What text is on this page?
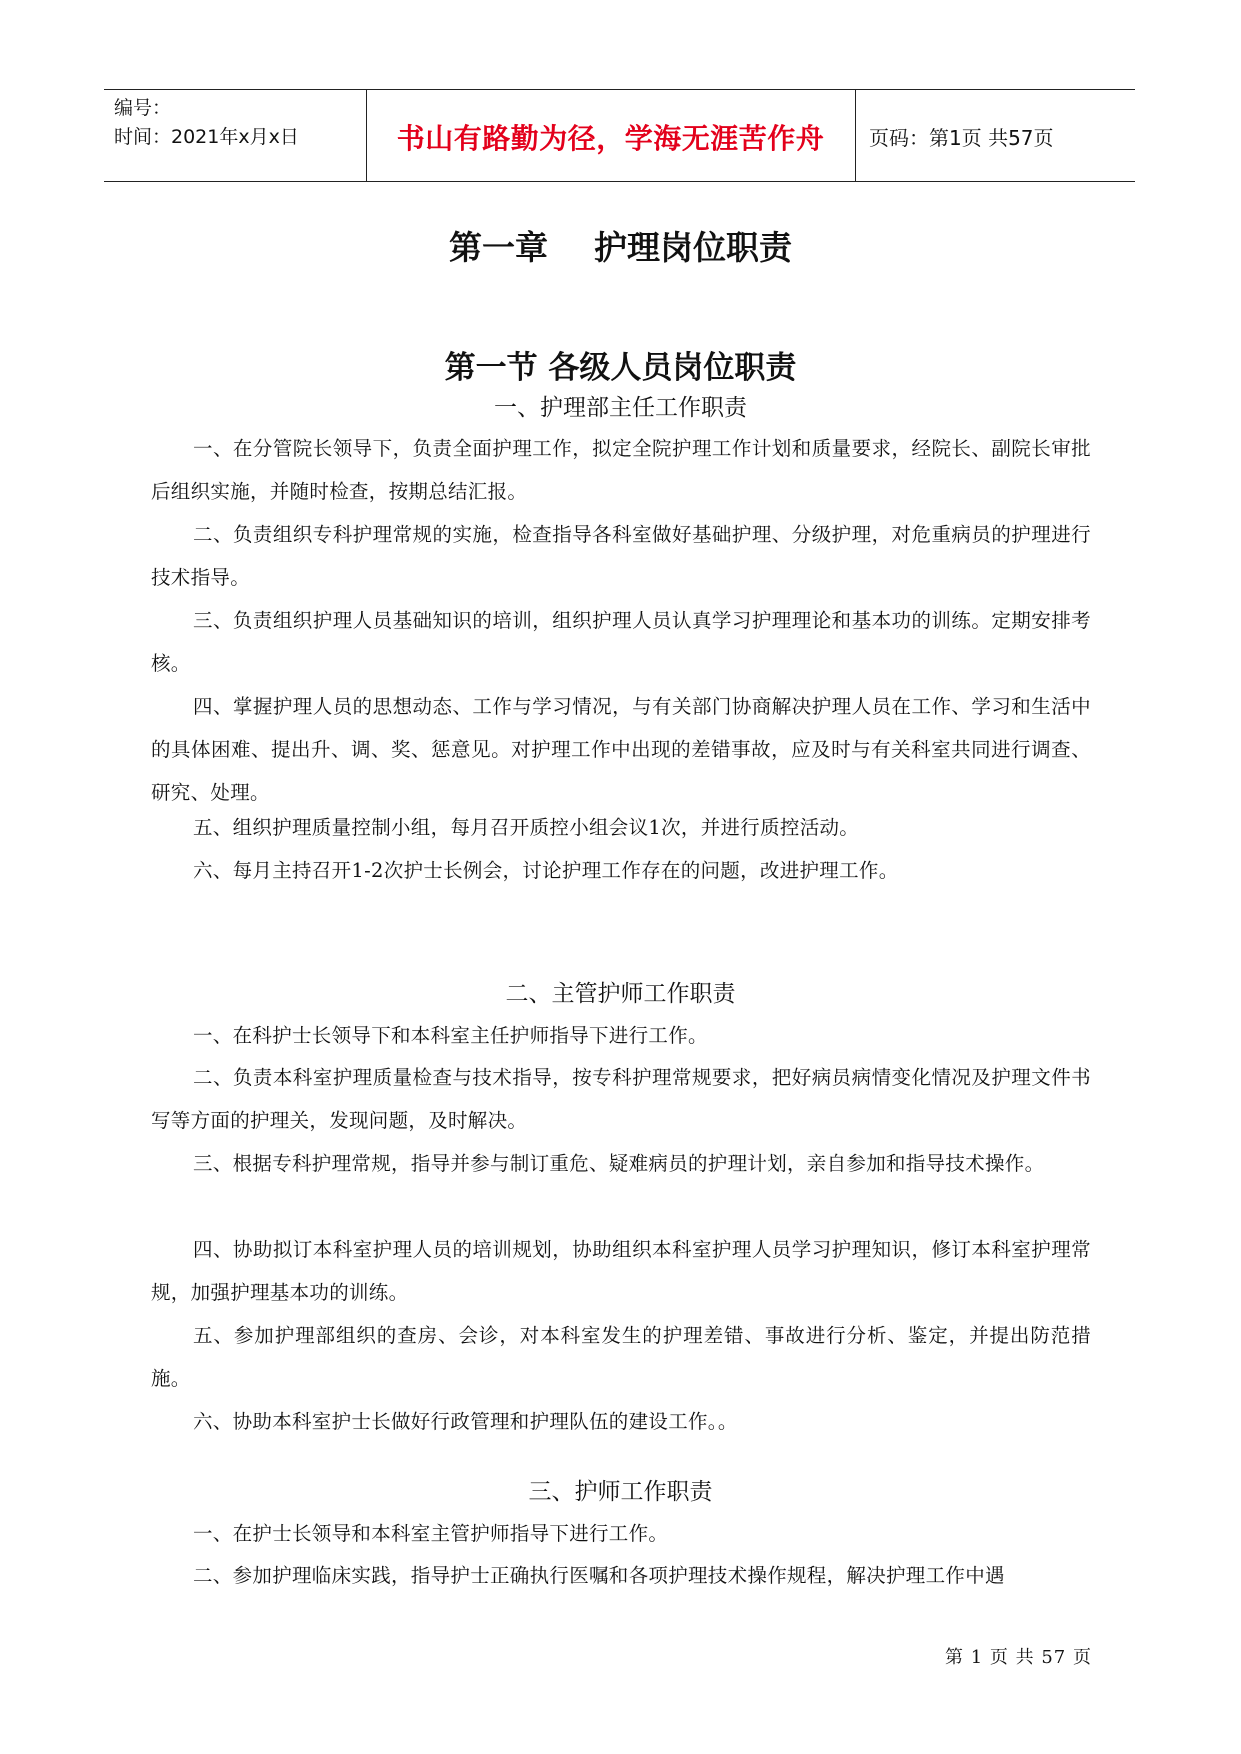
编号：
时间：2021年x月x日	书山有路勤为径，学海无涯苦作舟	页码：第1页 共57页
第一章    护理岗位职责
第一节 各级人员岗位职责
一、护理部主任工作职责
一、在分管院长领导下，负责全面护理工作，拟定全院护理工作计划和质量要求，经院长、副院长审批后组织实施，并随时检查，按期总结汇报。
二、负责组织专科护理常规的实施，检查指导各科室做好基础护理、分级护理，对危重病员的护理进行技术指导。
三、负责组织护理人员基础知识的培训，组织护理人员认真学习护理理论和基本功的训练。定期安排考核。
四、掌握护理人员的思想动态、工作与学习情况，与有关部门协商解决护理人员在工作、学习和生活中的具体困难、提出升、调、奖、惩意见。对护理工作中出现的差错事故，应及时与有关科室共同进行调查、研究、处理。
五、组织护理质量控制小组，每月召开质控小组会议1次，并进行质控活动。
六、每月主持召开1-2次护士长例会，讨论护理工作存在的问题，改进护理工作。
二、主管护师工作职责
一、在科护士长领导下和本科室主任护师指导下进行工作。
二、负责本科室护理质量检查与技术指导，按专科护理常规要求，把好病员病情变化情况及护理文件书写等方面的护理关，发现问题，及时解决。
三、根据专科护理常规，指导并参与制订重危、疑难病员的护理计划，亲自参加和指导技术操作。
四、协助拟订本科室护理人员的培训规划，协助组织本科室护理人员学习护理知识，修订本科室护理常规，加强护理基本功的训练。
五、参加护理部组织的查房、会诊，对本科室发生的护理差错、事故进行分析、鉴定，并提出防范措施。
六、协助本科室护士长做好行政管理和护理队伍的建设工作。。
三、护师工作职责
一、在护士长领导和本科室主管护师指导下进行工作。
二、参加护理临床实践，指导护士正确执行医嘱和各项护理技术操作规程，解决护理工作中遇
第 1 页 共 57 页
